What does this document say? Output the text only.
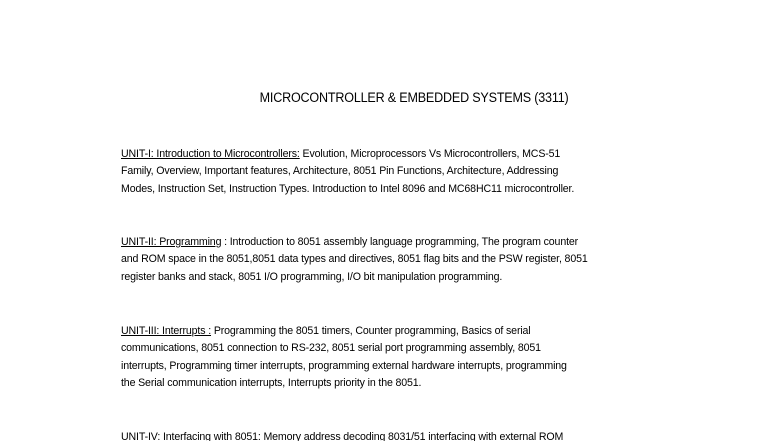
MICROCONTROLLER & EMBEDDED SYSTEMS (3311)
UNIT-I: Introduction to Microcontrollers: Evolution, Microprocessors Vs Microcontrollers, MCS-51
Family, Overview, Important features, Architecture, 8051 Pin Functions, Architecture, Addressing
Modes, Instruction Set, Instruction Types. Introduction to Intel 8096 and MC68HC11 microcontroller.
UNIT-II: Programming : Introduction to 8051 assembly language programming, The program counter
and ROM space in the 8051,8051 data types and directives, 8051 flag bits and the PSW register, 8051
register banks and stack, 8051 I/O programming, I/O bit manipulation programming.
UNIT-III: Interrupts : Programming the 8051 timers, Counter programming, Basics of serial
communications, 8051 connection to RS-232, 8051 serial port programming assembly, 8051
interrupts, Programming timer interrupts, programming external hardware interrupts, programming
the Serial communication interrupts, Interrupts priority in the 8051.
UNIT-IV: Interfacing with 8051: Memory address decoding 8031/51 interfacing with external ROM
